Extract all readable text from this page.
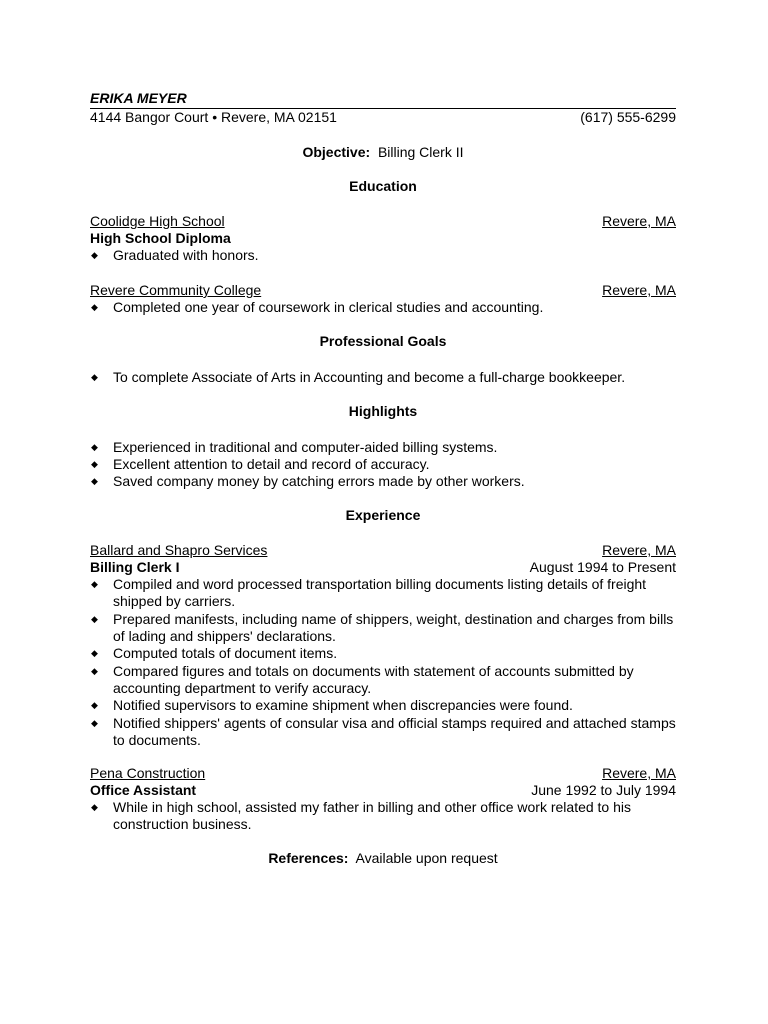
ERIKA MEYER
4144 Bangor Court • Revere, MA 02151	(617) 555-6299
Objective: Billing Clerk II
Education
Coolidge High School	Revere, MA
High School Diploma
◆ Graduated with honors.
Revere Community College	Revere, MA
◆ Completed one year of coursework in clerical studies and accounting.
Professional Goals
◆ To complete Associate of Arts in Accounting and become a full-charge bookkeeper.
Highlights
◆ Experienced in traditional and computer-aided billing systems.
◆ Excellent attention to detail and record of accuracy.
◆ Saved company money by catching errors made by other workers.
Experience
Ballard and Shapro Services	Revere, MA
Billing Clerk I	August 1994 to Present
◆ Compiled and word processed transportation billing documents listing details of freight shipped by carriers.
◆ Prepared manifests, including name of shippers, weight, destination and charges from bills of lading and shippers' declarations.
◆ Computed totals of document items.
◆ Compared figures and totals on documents with statement of accounts submitted by accounting department to verify accuracy.
◆ Notified supervisors to examine shipment when discrepancies were found.
◆ Notified shippers' agents of consular visa and official stamps required and attached stamps to documents.
Pena Construction	Revere, MA
Office Assistant	June 1992 to July 1994
◆ While in high school, assisted my father in billing and other office work related to his construction business.
References: Available upon request
